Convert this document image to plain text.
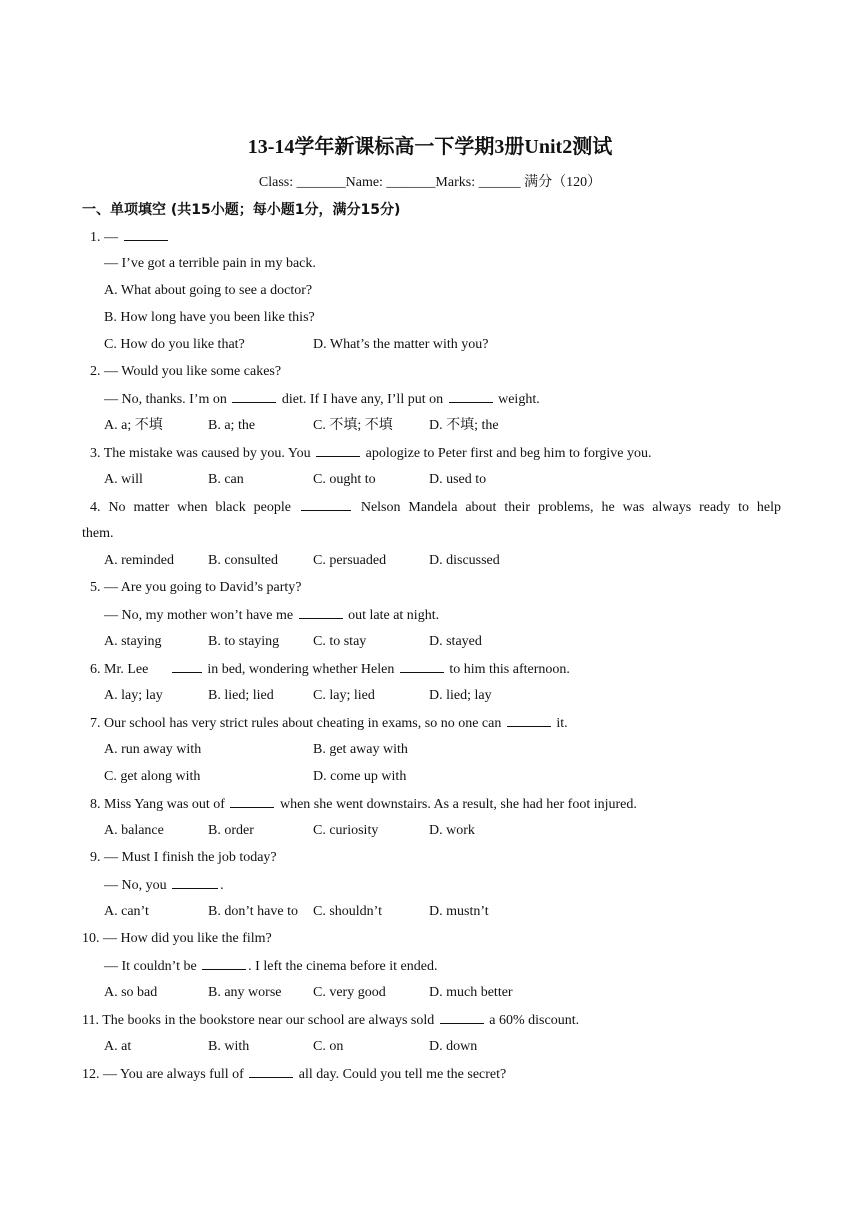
13-14学年新课标高一下学期3册Unit2测试
Class: _______Name: _______Marks: ______ 满分（120）
一、单项填空 (共15小题；每小题1分，满分15分)
1. —
— I’ve got a terrible pain in my back.
A. What about going to see a doctor?
B. How long have you been like this?
C. How do you like that?	D. What’s the matter with you?
2. — Would you like some cakes?
— No, thanks. I’m on	diet. If I have any, I’ll put on	weight.
A. a; 不填	B. a; the	C. 不填; 不填	D. 不填; the
3. The mistake was caused by you. You	apologize to Peter first and beg him to forgive you.
A. will	B. can	C. ought to	D. used to
4. No matter when black people	Nelson Mandela about their problems, he was always ready to help
them.
A. reminded B. consulted	C. persuaded	D. discussed
5. — Are you going to David’s party?
— No, my mother won’t have me	out late at night.
A. staying	B. to staying C. to stay	D. stayed
6. Mr. Lee	in bed, wondering whether Helen	to him this afternoon.
A. lay; lay	B. lied; lied	C. lay; lied	D. lied; lay
7. Our school has very strict rules about cheating in exams, so no one can	it.
A. run away with	B. get away with
C. get along with	D. come up with
8. Miss Yang was out of	when she went downstairs. As a result, she had her foot injured.
A. balance	B. order	C. curiosity	D. work
9. — Must I finish the job today?
— No, you	.
A. can’t	B. don’t have to C. shouldn’t	D. mustn’t
10. — How did you like the film?
— It couldn’t be	. I left the cinema before it ended.
A. so bad	B. any worse C. very good	D. much better
11. The books in the bookstore near our school are always sold	a 60% discount.
A. at	B. with	C. on	D. down
12. — You are always full of	all day. Could you tell me the secret?
